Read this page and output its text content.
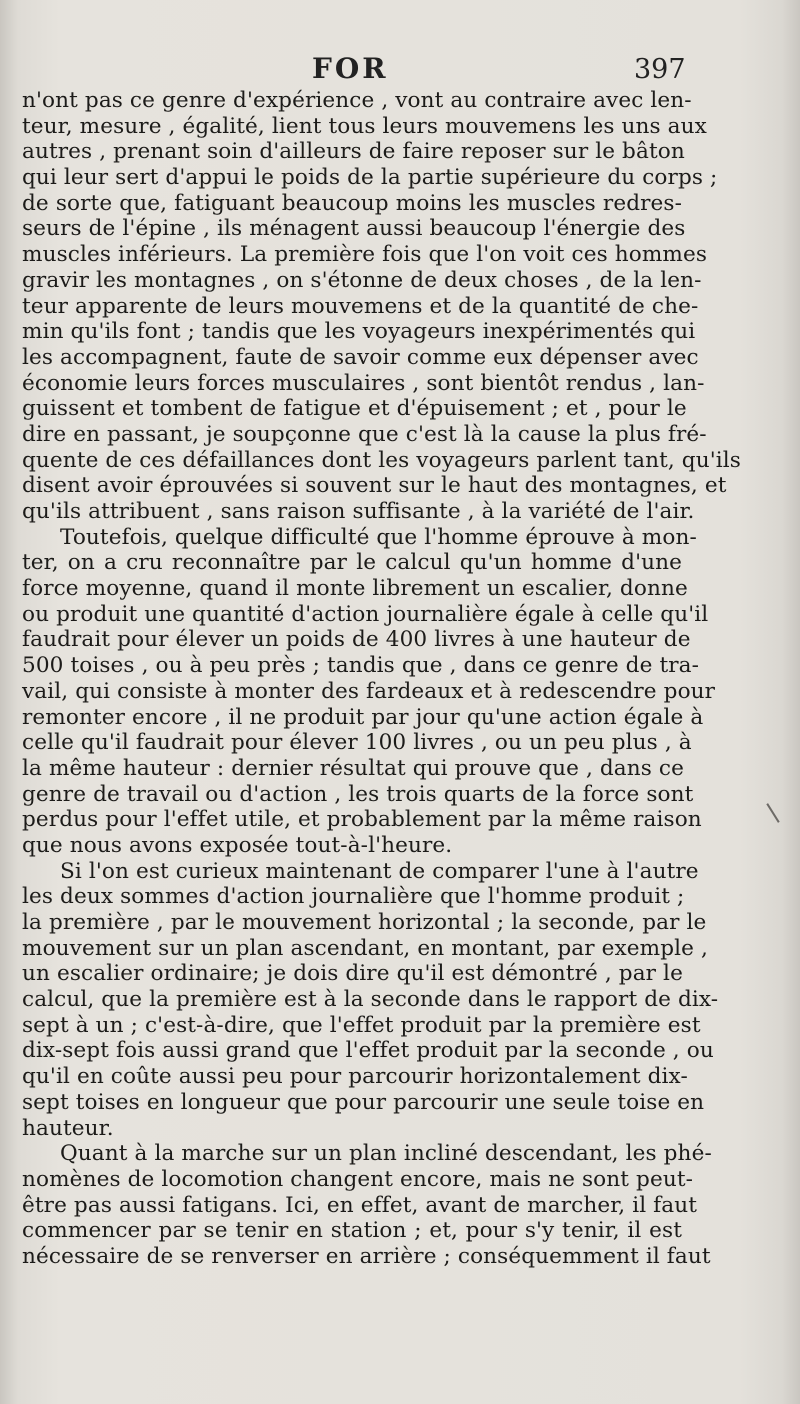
FOR	397
n'ont pas ce genre d'expérience , vont au contraire avec len-
teur, mesure , égalité, lient tous leurs mouvemens les uns aux
autres , prenant soin d'ailleurs de faire reposer sur le bâton
qui leur sert d'appui le poids de la partie supérieure du corps ;
de sorte que, fatiguant beaucoup moins les muscles redres-
seurs de l'épine , ils ménagent aussi beaucoup l'énergie des
muscles inférieurs. La première fois que l'on voit ces hommes
gravir les montagnes , on s'étonne de deux choses , de la len-
teur apparente de leurs mouvemens et de la quantité de che-
min qu'ils font ; tandis que les voyageurs inexpérimentés qui
les accompagnent, faute de savoir comme eux dépenser avec
économie leurs forces musculaires , sont bientôt rendus , lan-
guissent et tombent de fatigue et d'épuisement ; et , pour le
dire en passant, je soupçonne que c'est là la cause la plus fré-
quente de ces défaillances dont les voyageurs parlent tant, qu'ils
disent avoir éprouvées si souvent sur le haut des montagnes, et
qu'ils attribuent , sans raison suffisante , à la variété de l'air.
Toutefois, quelque difficulté que l'homme éprouve à mon-
ter, on a cru reconnaître par le calcul qu'un homme d'une
force moyenne, quand il monte librement un escalier, donne
ou produit une quantité d'action journalière égale à celle qu'il
faudrait pour élever un poids de 400 livres à une hauteur de
500 toises , ou à peu près ; tandis que , dans ce genre de tra-
vail, qui consiste à monter des fardeaux et à redescendre pour
remonter encore , il ne produit par jour qu'une action égale à
celle qu'il faudrait pour élever 100 livres , ou un peu plus , à
la même hauteur : dernier résultat qui prouve que , dans ce
genre de travail ou d'action , les trois quarts de la force sont
perdus pour l'effet utile, et probablement par la même raison
que nous avons exposée tout-à-l'heure.
Si l'on est curieux maintenant de comparer l'une à l'autre
les deux sommes d'action journalière que l'homme produit ;
la première , par le mouvement horizontal ; la seconde, par le
mouvement sur un plan ascendant, en montant, par exemple ,
un escalier ordinaire; je dois dire qu'il est démontré , par le
calcul, que la première est à la seconde dans le rapport de dix-
sept à un ; c'est-à-dire, que l'effet produit par la première est
dix-sept fois aussi grand que l'effet produit par la seconde , ou
qu'il en coûte aussi peu pour parcourir horizontalement dix-
sept toises en longueur que pour parcourir une seule toise en
hauteur.
Quant à la marche sur un plan incliné descendant, les phé-
nomènes de locomotion changent encore, mais ne sont peut-
être pas aussi fatigans. Ici, en effet, avant de marcher, il faut
commencer par se tenir en station ; et, pour s'y tenir, il est
nécessaire de se renverser en arrière ; conséquemment il faut
